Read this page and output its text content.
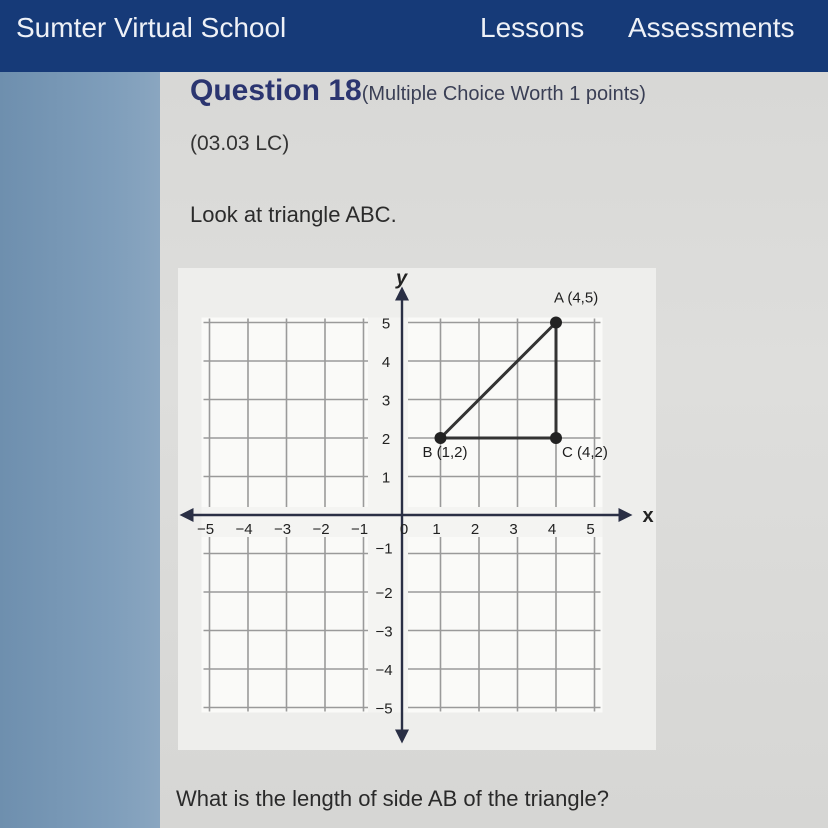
Sumter Virtual School	Lessons Assessments
Question 18(Multiple Choice Worth 1 points)
(03.03 LC)
Look at triangle ABC.
x
y
−5 −4 −3 −2 −1 0 1 2 3 4 5
1
2
3
4
5
−1
−2
−3
−4
−5
A (4,5)
B (1,2)	C (4,2)
What is the length of side AB of the triangle?
